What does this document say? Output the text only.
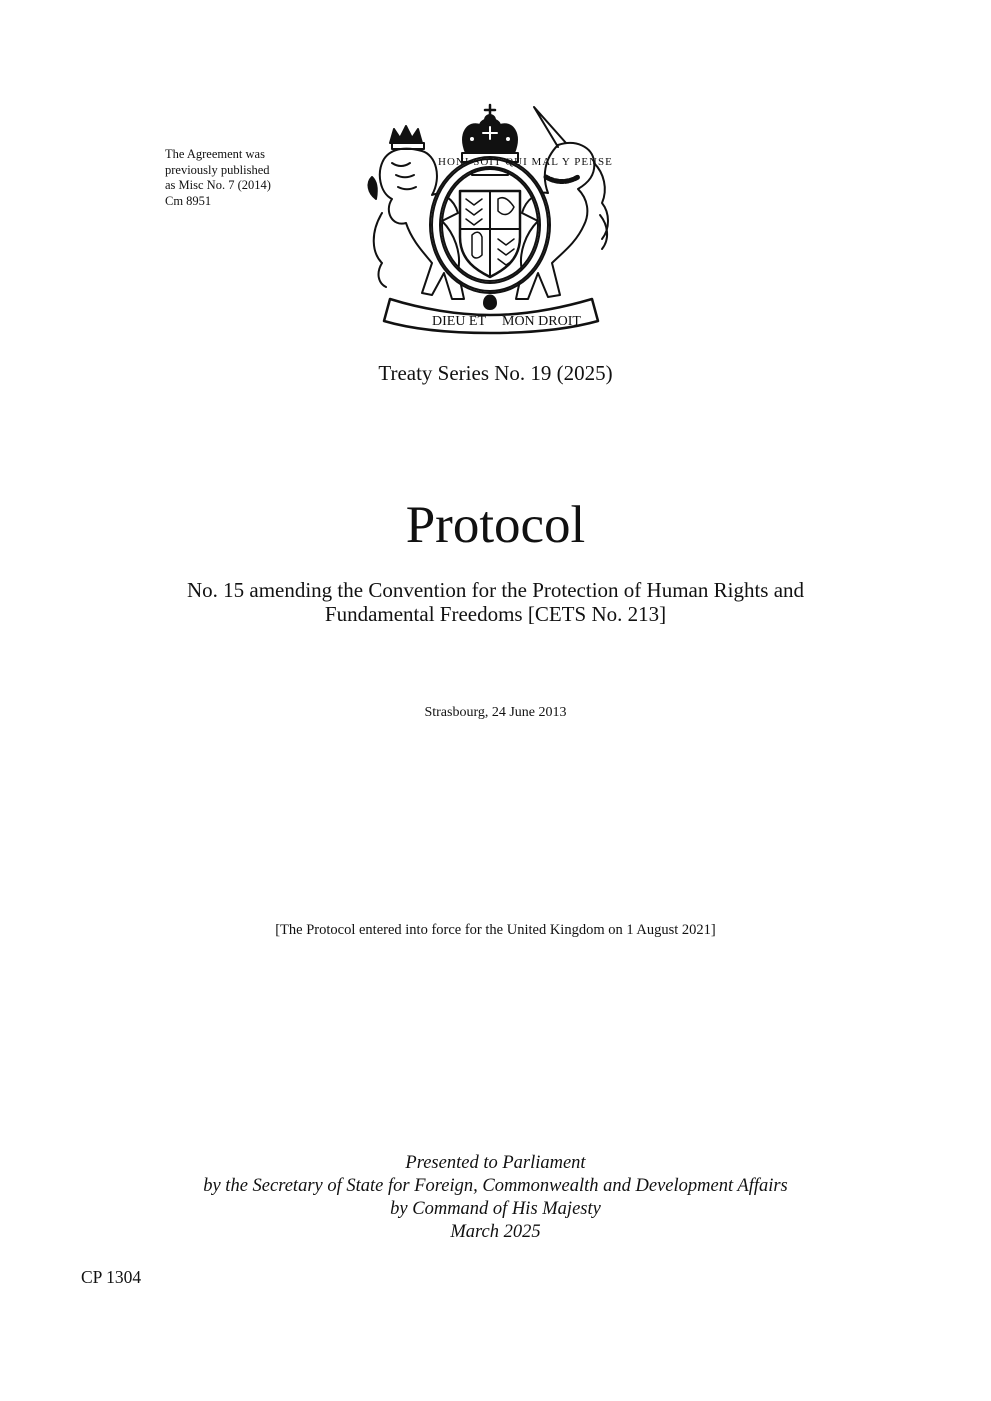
The Agreement was
previously published
as Misc No. 7 (2014)
Cm 8951
DIEU ET MON DROIT
HONI SOIT QUI MAL Y PENSE
Treaty Series No. 19 (2025)
Protocol
No. 15 amending the Convention for the Protection of Human Rights and
Fundamental Freedoms [CETS No. 213]
Strasbourg, 24 June 2013
[The Protocol entered into force for the United Kingdom on 1 August 2021]
Presented to Parliament
by the Secretary of State for Foreign, Commonwealth and Development Affairs
by Command of His Majesty
March 2025
CP 1304
